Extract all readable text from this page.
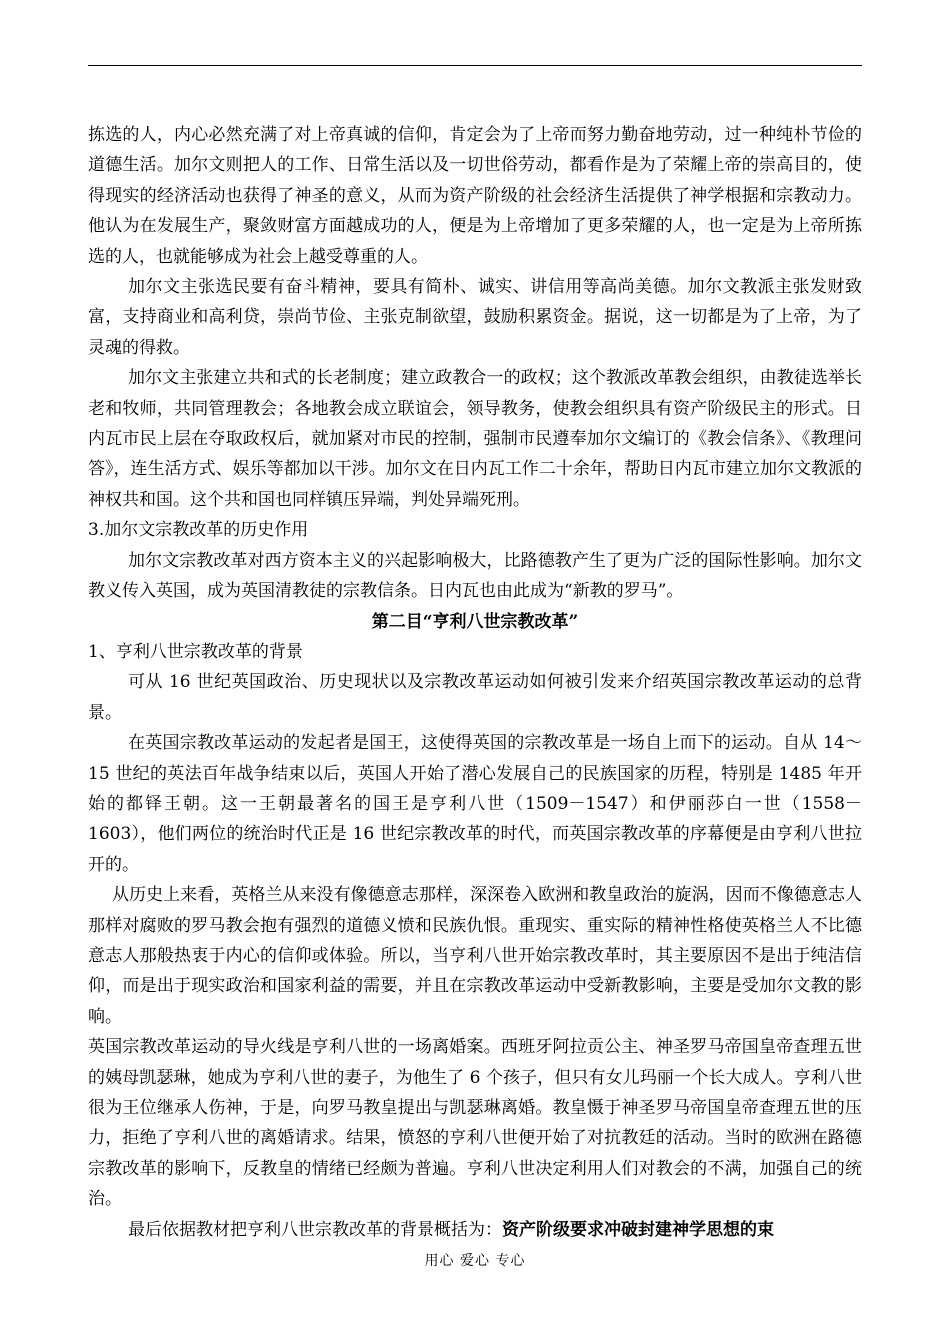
拣选的人，内心必然充满了对上帝真诚的信仰，肯定会为了上帝而努力勤奋地劳动，过一种纯朴节俭的道德生活。加尔文则把人的工作、日常生活以及一切世俗劳动，都看作是为了荣耀上帝的崇高目的，使得现实的经济活动也获得了神圣的意义，从而为资产阶级的社会经济生活提供了神学根据和宗教动力。他认为在发展生产，聚敛财富方面越成功的人，便是为上帝增加了更多荣耀的人，也一定是为上帝所拣选的人，也就能够成为社会上越受尊重的人。

加尔文主张选民要有奋斗精神，要具有简朴、诚实、讲信用等高尚美德。加尔文教派主张发财致富，支持商业和高利贷，崇尚节俭、主张克制欲望，鼓励积累资金。据说，这一切都是为了上帝，为了灵魂的得救。

加尔文主张建立共和式的长老制度；建立政教合一的政权；这个教派改革教会组织，由教徒选举长老和牧师，共同管理教会；各地教会成立联谊会，领导教务，使教会组织具有资产阶级民主的形式。日内瓦市民上层在夺取政权后，就加紧对市民的控制，强制市民遵奉加尔文编订的《教会信条》、《教理问答》，连生活方式、娱乐等都加以干涉。加尔文在日内瓦工作二十余年，帮助日内瓦市建立加尔文教派的神权共和国。这个共和国也同样镇压异端，判处异端死刑。

3.加尔文宗教改革的历史作用

加尔文宗教改革对西方资本主义的兴起影响极大，比路德教产生了更为广泛的国际性影响。加尔文教义传入英国，成为英国清教徒的宗教信条。日内瓦也由此成为“新教的罗马”。

第二目“亨利八世宗教改革”

1、亨利八世宗教改革的背景

可从 16 世纪英国政治、历史现状以及宗教改革运动如何被引发来介绍英国宗教改革运动的总背景。

在英国宗教改革运动的发起者是国王，这使得英国的宗教改革是一场自上而下的运动。自从 14～15 世纪的英法百年战争结束以后，英国人开始了潜心发展自己的民族国家的历程，特别是 1485 年开始的都铎王朝。这一王朝最著名的国王是亨利八世（1509－1547）和伊丽莎白一世（1558－1603），他们两位的统治时代正是 16 世纪宗教改革的时代，而英国宗教改革的序幕便是由亨利八世拉开的。

从历史上来看，英格兰从来没有像德意志那样，深深卷入欧洲和教皇政治的旋涡，因而不像德意志人那样对腐败的罗马教会抱有强烈的道德义愤和民族仇恨。重现实、重实际的精神性格使英格兰人不比德意志人那般热衷于内心的信仰或体验。所以，当亨利八世开始宗教改革时，其主要原因不是出于纯洁信仰，而是出于现实政治和国家利益的需要，并且在宗教改革运动中受新教影响，主要是受加尔文教的影响。

英国宗教改革运动的导火线是亨利八世的一场离婚案。西班牙阿拉贡公主、神圣罗马帝国皇帝查理五世的姨母凯瑟琳，她成为亨利八世的妻子，为他生了 6 个孩子，但只有女儿玛丽一个长大成人。亨利八世很为王位继承人伤神，于是，向罗马教皇提出与凯瑟琳离婚。教皇慑于神圣罗马帝国皇帝查理五世的压力，拒绝了亨利八世的离婚请求。结果，愤怒的亨利八世便开始了对抗教廷的活动。当时的欧洲在路德宗教改革的影响下，反教皇的情绪已经颇为普遍。亨利八世决定利用人们对教会的不满，加强自己的统治。

最后依据教材把亨利八世宗教改革的背景概括为：资产阶级要求冲破封建神学思想的束

用心 爱心 专心
